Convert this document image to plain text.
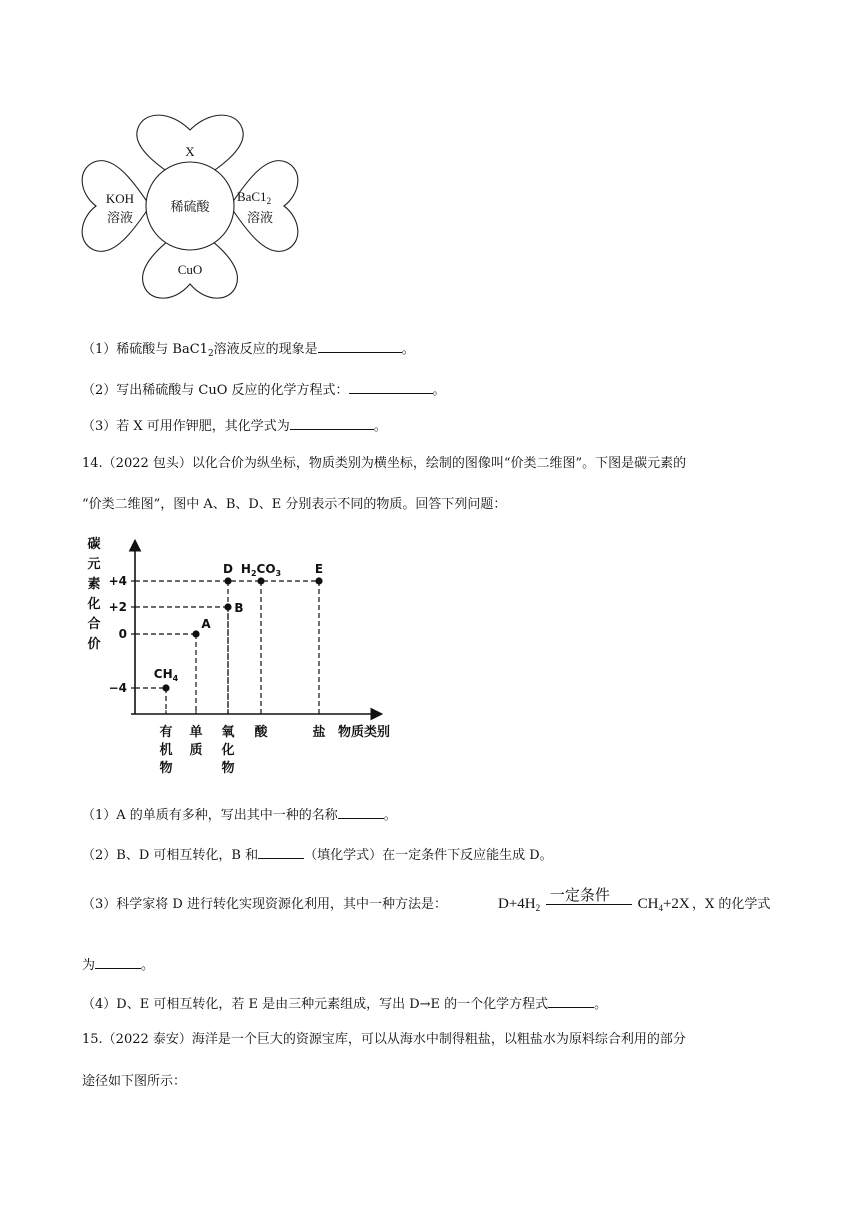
稀硫酸
X
KOH
溶液
$BaC1_2$
溶液
CuO
（1）稀硫酸与 $BaC1_2$溶液反应的现象是	。
（2）写出稀硫酸与 CuO 反应的化学方程式：	。
（3）若 X 可用作钾肥，其化学式为	。
14.（2022 包头）以化合价为纵坐标，物质类别为横坐标，绘制的图像叫“价类二维图”。下图是碳元素的
“价类二维图”，图中 A、B、D、E 分别表示不同的物质。回答下列问题：
碳
元
素
化
合
价
+4
+2
0
−4
有
机
物
单
质
氧
化
物
酸	盐 物质类别
$CH_4$
A
B
D $H_2CO_3$	E
（1）A 的单质有多种，写出其中一种的名称	。
（2）B、D 可相互转化，B 和	（填化学式）在一定条件下反应能生成 D。
（3）科学家将 D 进行转化实现资源化利用，其中一种方法是：	$D+4H_2$
一定条件 $CH_4+2X$ ，X 的化学式
为	。
（4）D、E 可相互转化，若 E 是由三种元素组成，写出 D→E 的一个化学方程式	。
15.（2022 泰安）海洋是一个巨大的资源宝库，可以从海水中制得粗盐，以粗盐水为原料综合利用的部分
途径如下图所示：
